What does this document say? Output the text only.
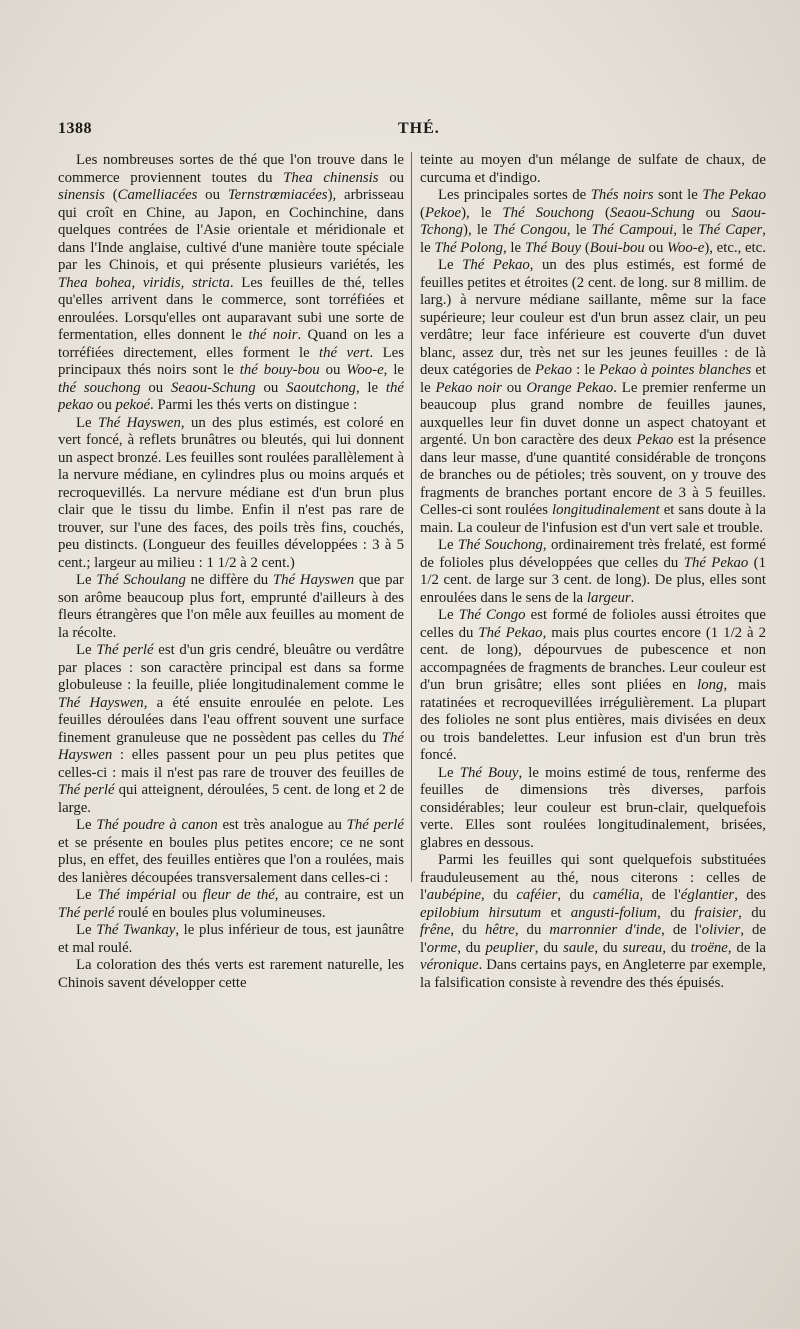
1388	THÉ.

Les nombreuses sortes de thé que l'on trouve dans le commerce proviennent toutes du Thea chinensis ou sinensis (Camelliacées ou Ternstrœmiacées), arbrisseau qui croît en Chine, au Japon, en Cochinchine, dans quelques contrées de l'Asie orientale et méridionale et dans l'Inde anglaise, cultivé d'une manière toute spéciale par les Chinois, et qui présente plusieurs variétés, les Thea bohea, viridis, stricta. Les feuilles de thé, telles qu'elles arrivent dans le commerce, sont torréfiées et enroulées. Lorsqu'elles ont auparavant subi une sorte de fermentation, elles donnent le thé noir. Quand on les a torréfiées directement, elles forment le thé vert. Les principaux thés noirs sont le thé bouy-bou ou Woo-e, le thé souchong ou Seaou-Schung ou Saoutchong, le thé pekao ou pekoé. Parmi les thés verts on distingue :

Le Thé Hayswen, un des plus estimés, est coloré en vert foncé, à reflets brunâtres ou bleutés, qui lui donnent un aspect bronzé. Les feuilles sont roulées parallèlement à la nervure médiane, en cylindres plus ou moins arqués et recroquevillés. La nervure médiane est d'un brun plus clair que le tissu du limbe. Enfin il n'est pas rare de trouver, sur l'une des faces, des poils très fins, couchés, peu distincts. (Longueur des feuilles développées : 3 à 5 cent.; largeur au milieu : 1 1/2 à 2 cent.)

Le Thé Schoulang ne diffère du Thé Hayswen que par son arôme beaucoup plus fort, emprunté d'ailleurs à des fleurs étrangères que l'on mêle aux feuilles au moment de la récolte.

Le Thé perlé est d'un gris cendré, bleuâtre ou verdâtre par places : son caractère principal est dans sa forme globuleuse : la feuille, pliée longitudinalement comme le Thé Hayswen, a été ensuite enroulée en pelote. Les feuilles déroulées dans l'eau offrent souvent une surface finement granuleuse que ne possèdent pas celles du Thé Hayswen : elles passent pour un peu plus petites que celles-ci : mais il n'est pas rare de trouver des feuilles de Thé perlé qui atteignent, déroulées, 5 cent. de long et 2 de large.

Le Thé poudre à canon est très analogue au Thé perlé et se présente en boules plus petites encore; ce ne sont plus, en effet, des feuilles entières que l'on a roulées, mais des lanières découpées transversalement dans celles-ci :

Le Thé impérial ou fleur de thé, au contraire, est un Thé perlé roulé en boules plus volumineuses.

Le Thé Twankay, le plus inférieur de tous, est jaunâtre et mal roulé.

La coloration des thés verts est rarement naturelle, les Chinois savent développer cette

teinte au moyen d'un mélange de sulfate de chaux, de curcuma et d'indigo.

Les principales sortes de Thés noirs sont le The Pekao (Pekoe), le Thé Souchong (Seaou-Schung ou Saou-Tchong), le Thé Congou, le Thé Campoui, le Thé Caper, le Thé Polong, le Thé Bouy (Boui-bou ou Woo-e), etc., etc.

Le Thé Pekao, un des plus estimés, est formé de feuilles petites et étroites (2 cent. de long. sur 8 millim. de larg.) à nervure médiane saillante, même sur la face supérieure; leur couleur est d'un brun assez clair, un peu verdâtre; leur face inférieure est couverte d'un duvet blanc, assez dur, très net sur les jeunes feuilles : de là deux catégories de Pekao : le Pekao à pointes blanches et le Pekao noir ou Orange Pekao. Le premier renferme un beaucoup plus grand nombre de feuilles jaunes, auxquelles leur fin duvet donne un aspect chatoyant et argenté. Un bon caractère des deux Pekao est la présence dans leur masse, d'une quantité considérable de tronçons de branches ou de pétioles; très souvent, on y trouve des fragments de branches portant encore de 3 à 5 feuilles. Celles-ci sont roulées longitudinalement et sans doute à la main. La couleur de l'infusion est d'un vert sale et trouble.

Le Thé Souchong, ordinairement très frelaté, est formé de folioles plus développées que celles du Thé Pekao (1 1/2 cent. de large sur 3 cent. de long). De plus, elles sont enroulées dans le sens de la largeur.

Le Thé Congo est formé de folioles aussi étroites que celles du Thé Pekao, mais plus courtes encore (1 1/2 à 2 cent. de long), dépourvues de pubescence et non accompagnées de fragments de branches. Leur couleur est d'un brun grisâtre; elles sont pliées en long, mais ratatinées et recroquevillées irrégulièrement. La plupart des folioles ne sont plus entières, mais divisées en deux ou trois bandelettes. Leur infusion est d'un brun très foncé.

Le Thé Bouy, le moins estimé de tous, renferme des feuilles de dimensions très diverses, parfois considérables; leur couleur est brun-clair, quelquefois verte. Elles sont roulées longitudinalement, brisées, glabres en dessous.

Parmi les feuilles qui sont quelquefois substituées frauduleusement au thé, nous citerons : celles de l'aubépine, du caféier, du camélia, de l'églantier, des epilobium hirsutum et angusti-folium, du fraisier, du frêne, du hêtre, du marronnier d'inde, de l'olivier, de l'orme, du peuplier, du saule, du sureau, du troëne, de la véronique. Dans certains pays, en Angleterre par exemple, la falsification consiste à revendre des thés épuisés.
